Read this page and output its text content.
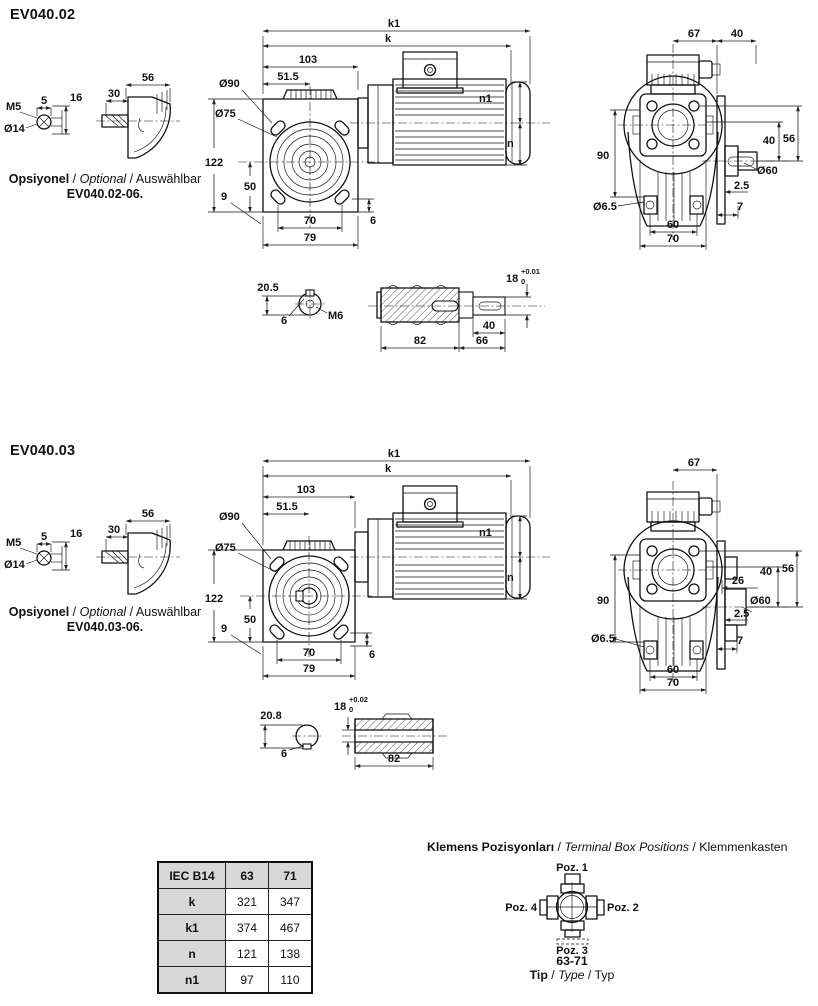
EV040.02
5 16
M5
Ø14
30
56
Opsiyonel / Optional / Auswählbar
EV040.02-06.
k1
k
103
51.5
Ø90
Ø75
122
50
9
70
79
6
n1
n
67	40
90
56
40
Ø60
2.5
7
Ø6.5
60
70
20.5
6	M6
18
+0.01
0
40
82	66
EV040.03
5 16
M5
Ø14
30
56
Opsiyonel / Optional / Auswählbar
EV040.03-06.
k1
k
103
51.5
Ø90
Ø75
122
50
9
70
79
6
n1
n
67
90
26
56
40
Ø60
2.5
7
Ø6.5
60
70
20.8
6
18
+0.02
0
82
IEC B14	63	71
k	321	347
k1	374	467
n	121	138
n1	97	110
Klemens Pozisyonları / Terminal Box Positions / Klemmenkasten
Poz. 1
Poz. 4	Poz. 2
Poz. 3
63-71
Tip / Type / Typ
